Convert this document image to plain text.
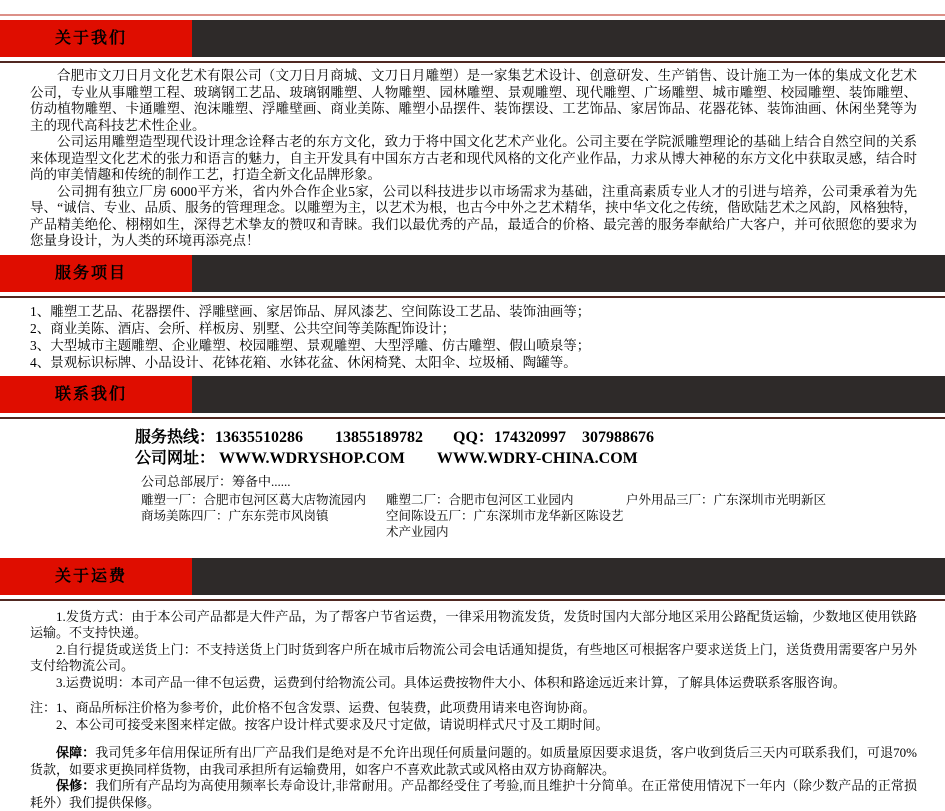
关于我们

合肥市文刀日月文化艺术有限公司（文刀日月商城、文刀日月雕塑）是一家集艺术设计、创意研发、生产销售、设计施工为一体的集成文化艺术公司，专业从事雕塑工程、玻璃钢工艺品、玻璃钢雕塑、人物雕塑、园林雕塑、景观雕塑、现代雕塑、广场雕塑、城市雕塑、校园雕塑、装饰雕塑、仿动植物雕塑、卡通雕塑、泡沫雕塑、浮雕壁画、商业美陈、雕塑小品摆件、装饰摆设、工艺饰品、家居饰品、花器花钵、装饰油画、休闲坐凳等为主的现代高科技艺术性企业。

公司运用雕塑造型现代设计理念诠释古老的东方文化，致力于将中国文化艺术产业化。公司主要在学院派雕塑理论的基础上结合自然空间的关系来体现造型文化艺术的张力和语言的魅力，自主开发具有中国东方古老和现代风格的文化产业作品，力求从博大神秘的东方文化中获取灵感，结合时尚的审美情趣和传统的制作工艺，打造全新文化品牌形象。

公司拥有独立厂房 6000平方米，省内外合作企业5家，公司以科技进步以市场需求为基础，注重高素质专业人才的引进与培养，公司秉承着为先导、“诚信、专业、品质、服务的管理理念。以雕塑为主，以艺术为根，也古今中外之艺术精华，挟中华文化之传统，偕欧陆艺术之风韵，风格独特，产品精美绝伦、栩栩如生，深得艺术挚友的赞叹和青睐。我们以最优秀的产品，最适合的价格、最完善的服务奉献给广大客户，并可依照您的要求为您量身设计，为人类的环境再添亮点！

服务项目

1、雕塑工艺品、花器摆件、浮雕壁画、家居饰品、屏风漆艺、空间陈设工艺品、装饰油画等；

2、商业美陈、酒店、会所、样板房、别墅、公共空间等美陈配饰设计；

3、大型城市主题雕塑、企业雕塑、校园雕塑、景观雕塑、大型浮雕、仿古雕塑、假山喷泉等；

4、景观标识标牌、小品设计、花钵花箱、水钵花盆、休闲椅凳、太阳伞、垃圾桶、陶罐等。

联系我们
服务热线：13635510286　　13855189782 QQ：174320997　307988676
公司网址： WWW.WDRYSHOP.COM　　WWW.WDRY-CHINA.COM
公司总部展厅：筹备中......
雕塑一厂：合肥市包河区葛大店物流园内	雕塑二厂：合肥市包河区工业园内	户外用品三厂：广东深圳市光明新区
商场美陈四厂：广东东莞市风岗镇	空间陈设五厂：广东深圳市龙华新区陈设艺术产业园内
关于运费

1.发货方式：由于本公司产品都是大件产品，为了帮客户节省运费，一律采用物流发货，发货时国内大部分地区采用公路配货运输，少数地区使用铁路运输。不支持快递。

2.自行提货或送货上门：不支持送货上门时货到客户所在城市后物流公司会电话通知提货，有些地区可根据客户要求送货上门，送货费用需要客户另外支付给物流公司。

3.运费说明：本司产品一律不包运费，运费到付给物流公司。具体运费按物件大小、体积和路途远近来计算，了解具体运费联系客服咨询。

注：1、商品所标注价格为参考价，此价格不包含发票、运费、包装费，此项费用请来电咨询协商。

2、本公司可接受来图来样定做。按客户设计样式要求及尺寸定做，请说明样式尺寸及工期时间。

保障：我司凭多年信用保证所有出厂产品我们是绝对是不允许出现任何质量问题的。如质量原因要求退货，客户收到货后三天内可联系我们，可退70%货款，如要求更换同样货物，由我司承担所有运输费用，如客户不喜欢此款式或风格由双方协商解决。

保修：我们所有产品均为高使用频率长寿命设计,非常耐用。产品都经受住了考验,而且维护十分简单。在正常使用情况下一年内（除少数产品的正常损耗外）我们提供保修。
